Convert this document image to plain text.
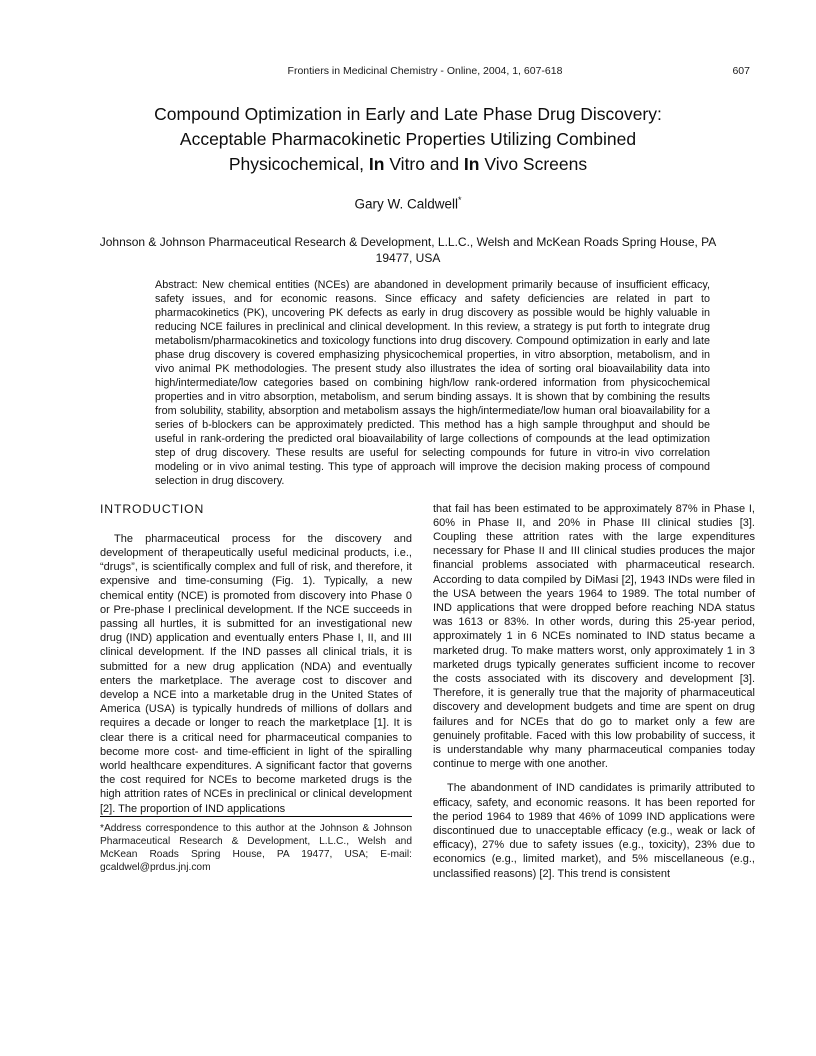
Frontiers in Medicinal Chemistry - Online, 2004, 1, 607-618	607
Compound Optimization in Early and Late Phase Drug Discovery:
Acceptable Pharmacokinetic Properties Utilizing Combined
Physicochemical, In Vitro and In Vivo Screens
Gary W. Caldwell*
Johnson & Johnson Pharmaceutical Research & Development, L.L.C., Welsh and McKean Roads Spring House, PA 19477, USA

Abstract: New chemical entities (NCEs) are abandoned in development primarily because of insufficient efficacy, safety issues, and for economic reasons. Since efficacy and safety deficiencies are related in part to pharmacokinetics (PK), uncovering PK defects as early in drug discovery as possible would be highly valuable in reducing NCE failures in preclinical and clinical development. In this review, a strategy is put forth to integrate drug metabolism/pharmacokinetics and toxicology functions into drug discovery. Compound optimization in early and late phase drug discovery is covered emphasizing physicochemical properties, in vitro absorption, metabolism, and in vivo animal PK methodologies. The present study also illustrates the idea of sorting oral bioavailability data into high/intermediate/low categories based on combining high/low rank-ordered information from physicochemical properties and in vitro absorption, metabolism, and serum binding assays. It is shown that by combining the results from solubility, stability, absorption and metabolism assays the high/intermediate/low human oral bioavailability for a series of b-blockers can be approximately predicted. This method has a high sample throughput and should be useful in rank-ordering the predicted oral bioavailability of large collections of compounds at the lead optimization step of drug discovery. These results are useful for selecting compounds for future in vitro-in vivo correlation modeling or in vivo animal testing. This type of approach will improve the decision making process of compound selection in drug discovery.

INTRODUCTION

The pharmaceutical process for the discovery and development of therapeutically useful medicinal products, i.e., “drugs”, is scientifically complex and full of risk, and therefore, it expensive and time-consuming (Fig. 1). Typically, a new chemical entity (NCE) is promoted from discovery into Phase 0 or Pre-phase I preclinical development. If the NCE succeeds in passing all hurtles, it is submitted for an investigational new drug (IND) application and eventually enters Phase I, II, and III clinical development. If the IND passes all clinical trials, it is submitted for a new drug application (NDA) and eventually enters the marketplace. The average cost to discover and develop a NCE into a marketable drug in the United States of America (USA) is typically hundreds of millions of dollars and requires a decade or longer to reach the marketplace [1]. It is clear there is a critical need for pharmaceutical companies to become more cost- and time-efficient in light of the spiralling world healthcare expenditures. A significant factor that governs the cost required for NCEs to become marketed drugs is the high attrition rates of NCEs in preclinical or clinical development [2]. The proportion of IND applications

*Address correspondence to this author at the Johnson & Johnson Pharmaceutical Research & Development, L.L.C., Welsh and McKean Roads Spring House, PA 19477, USA; E-mail: gcaldwel@prdus.jnj.com

that fail has been estimated to be approximately 87% in Phase I, 60% in Phase II, and 20% in Phase III clinical studies [3]. Coupling these attrition rates with the large expenditures necessary for Phase II and III clinical studies produces the major financial problems associated with pharmaceutical research. According to data compiled by DiMasi [2], 1943 INDs were filed in the USA between the years 1964 to 1989. The total number of IND applications that were dropped before reaching NDA status was 1613 or 83%. In other words, during this 25-year period, approximately 1 in 6 NCEs nominated to IND status became a marketed drug. To make matters worst, only approximately 1 in 3 marketed drugs typically generates sufficient income to recover the costs associated with its discovery and development [3]. Therefore, it is generally true that the majority of pharmaceutical discovery and development budgets and time are spent on drug failures and for NCEs that do go to market only a few are genuinely profitable. Faced with this low probability of success, it is understandable why many pharmaceutical companies today continue to merge with one another.

The abandonment of IND candidates is primarily attributed to efficacy, safety, and economic reasons. It has been reported for the period 1964 to 1989 that 46% of 1099 IND applications were discontinued due to unacceptable efficacy (e.g., weak or lack of efficacy), 27% due to safety issues (e.g., toxicity), 23% due to economics (e.g., limited market), and 5% miscellaneous (e.g., unclassified reasons) [2]. This trend is consistent
